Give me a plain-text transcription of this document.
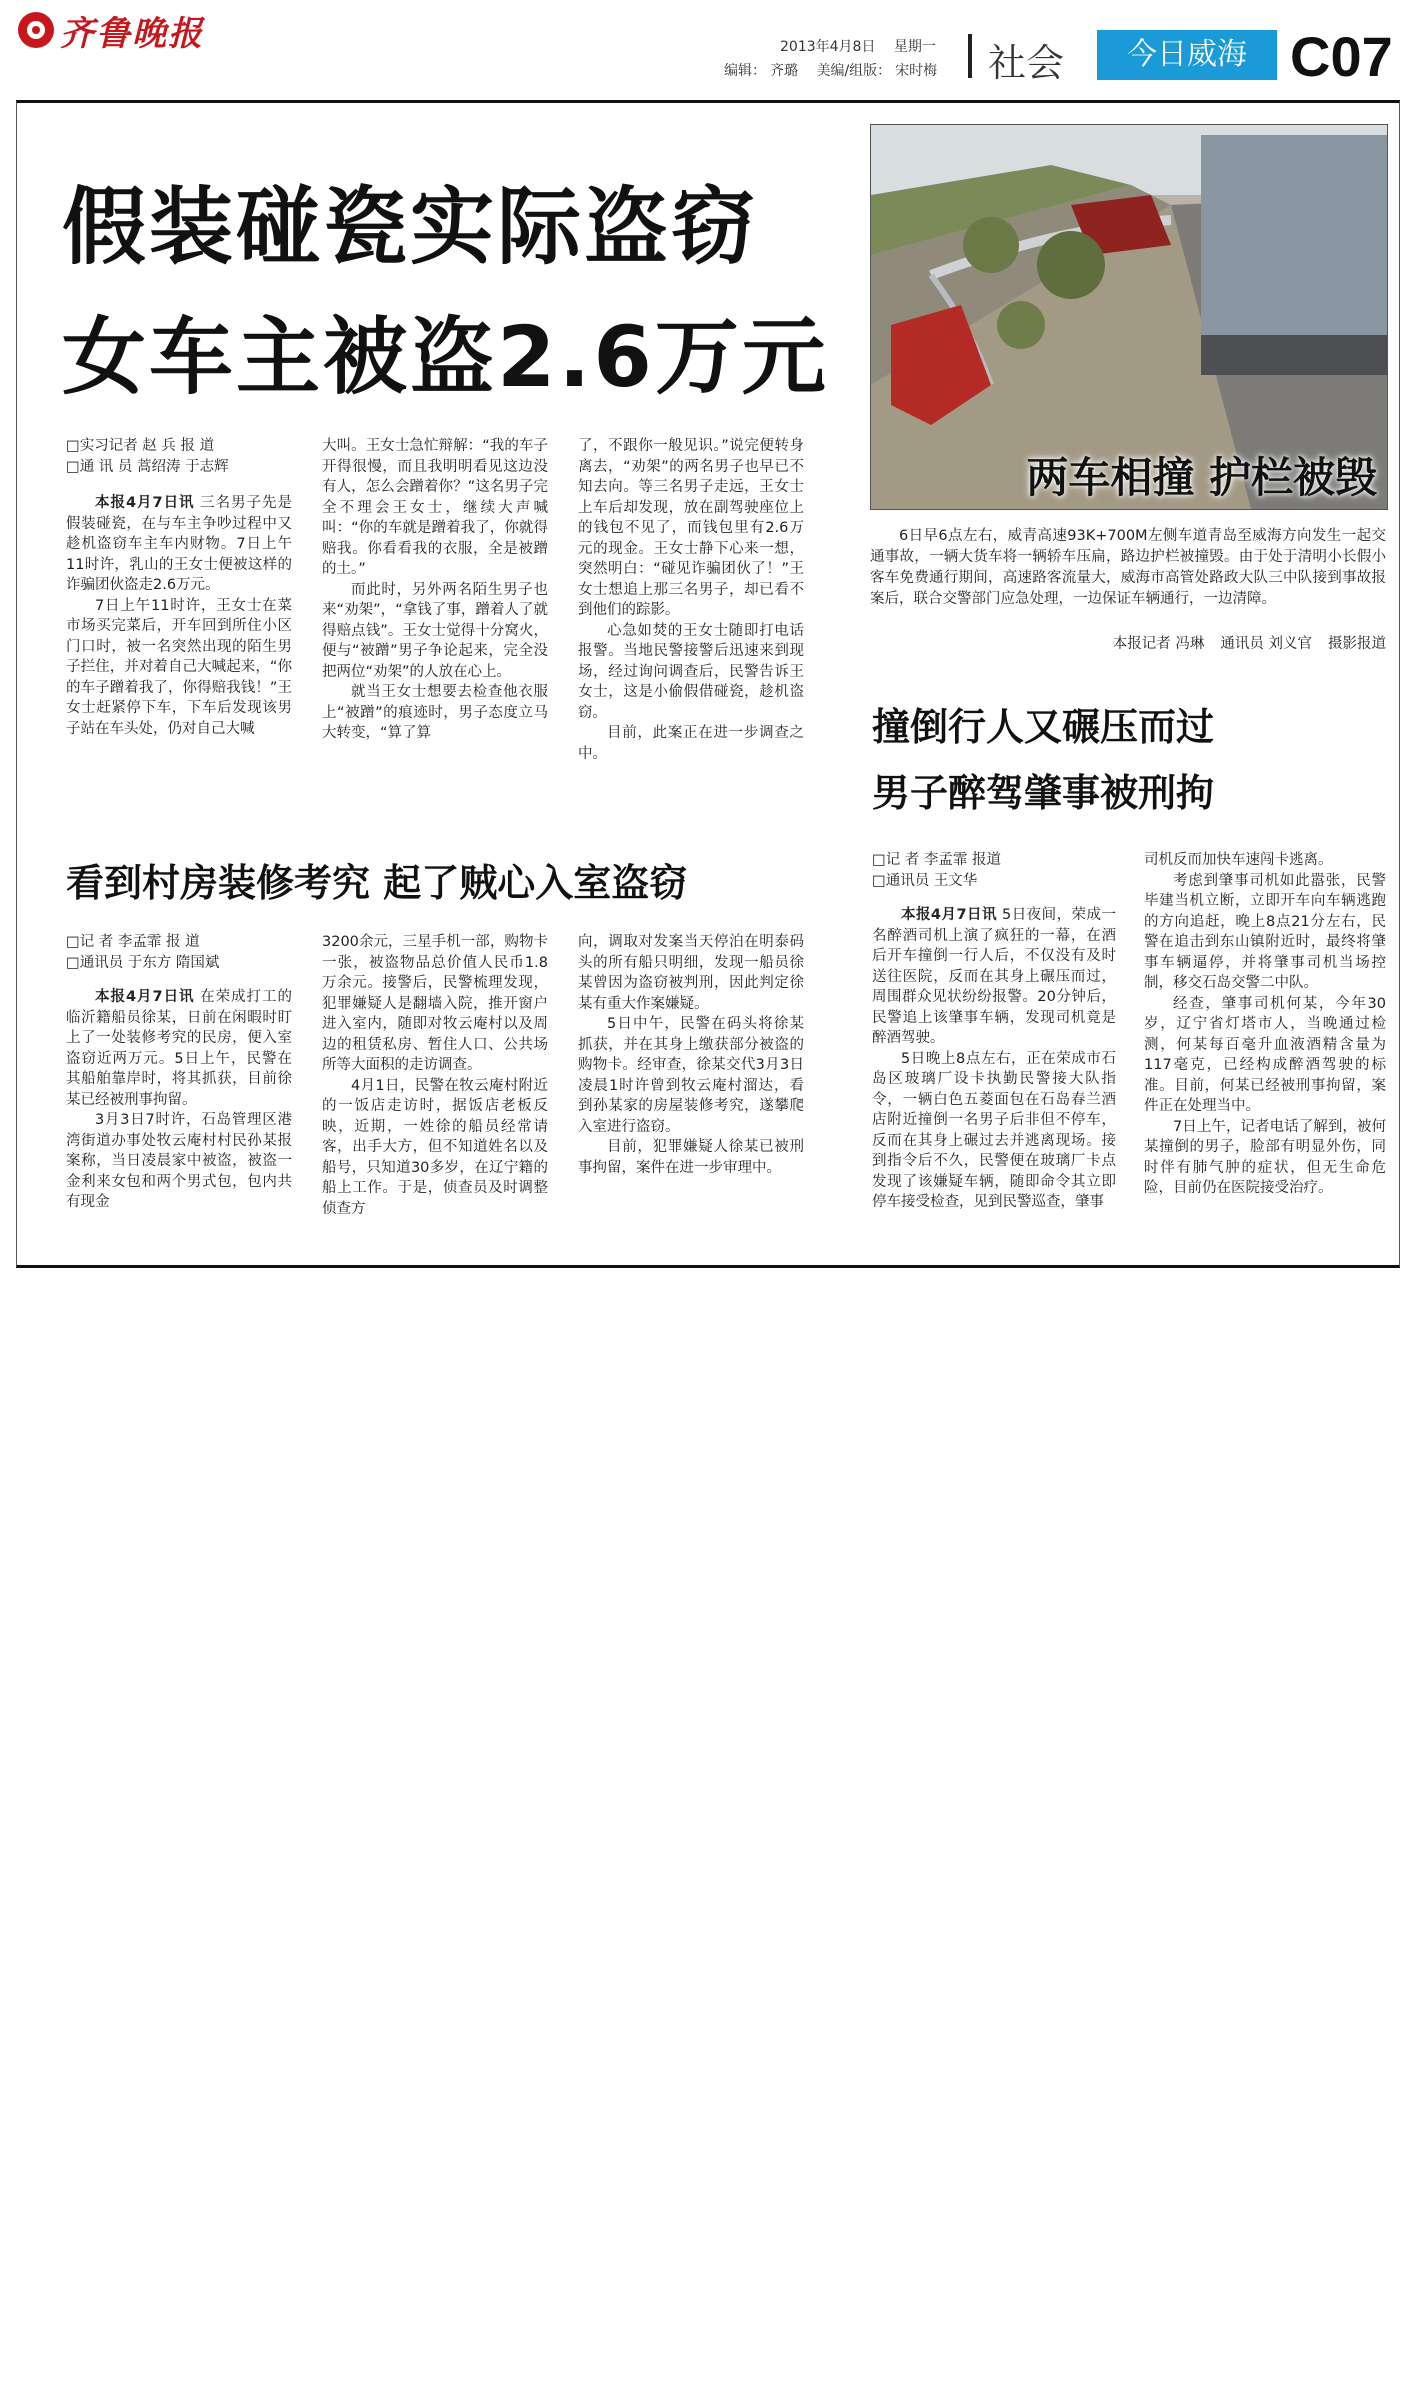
齐鲁晚报	2013年4月8日 星期一
编辑： 齐璐 美编/组版： 宋时梅 社会	今日威海 C07
假装碰瓷实际盗窃
女车主被盗2.6万元
□实习记者 赵 兵 报 道
□通 讯 员 蒿绍涛 于志辉

本报4月7日讯 三名男子先是假装碰瓷，在与车主争吵过程中又趁机盗窃车主车内财物。7日上午11时许，乳山的王女士便被这样的诈骗团伙盗走2.6万元。

7日上午11时许，王女士在菜市场买完菜后，开车回到所住小区门口时，被一名突然出现的陌生男子拦住，并对着自己大喊起来，“你的车子蹭着我了，你得赔我钱！”王女士赶紧停下车，下车后发现该男子站在车头处，仍对自己大喊

大叫。王女士急忙辩解：“我的车子开得很慢，而且我明明看见这边没有人，怎么会蹭着你？”这名男子完全不理会王女士，继续大声喊叫：“你的车就是蹭着我了，你就得赔我。你看看我的衣服，全是被蹭的土。”

而此时，另外两名陌生男子也来“劝架”，“拿钱了事，蹭着人了就得赔点钱”。王女士觉得十分窝火，便与“被蹭”男子争论起来，完全没把两位“劝架”的人放在心上。

就当王女士想要去检查他衣服上“被蹭”的痕迹时，男子态度立马大转变，“算了算

了，不跟你一般见识。”说完便转身离去，“劝架”的两名男子也早已不知去向。等三名男子走远，王女士上车后却发现，放在副驾驶座位上的钱包不见了，而钱包里有2.6万元的现金。王女士静下心来一想，突然明白：“碰见诈骗团伙了！”王女士想追上那三名男子，却已看不到他们的踪影。

心急如焚的王女士随即打电话报警。当地民警接警后迅速来到现场，经过询问调查后，民警告诉王女士，这是小偷假借碰瓷，趁机盗窃。

目前，此案正在进一步调查之中。

两车相撞 护栏被毁

6日早6点左右，威青高速93K+700M左侧车道青岛至威海方向发生一起交通事故，一辆大货车将一辆轿车压扁，路边护栏被撞毁。由于处于清明小长假小客车免费通行期间，高速路客流量大，威海市高管处路政大队三中队接到事故报案后，联合交警部门应急处理，一边保证车辆通行，一边清障。

本报记者 冯琳 通讯员 刘义官 摄影报道
看到村房装修考究 起了贼心入室盗窃
□记 者 李孟霏 报 道
□通讯员 于东方 隋国斌

本报4月7日讯 在荣成打工的临沂籍船员徐某，日前在闲暇时盯上了一处装修考究的民房，便入室盗窃近两万元。5日上午，民警在其船舶靠岸时，将其抓获，目前徐某已经被刑事拘留。

3月3日7时许，石岛管理区港湾街道办事处牧云庵村村民孙某报案称，当日凌晨家中被盗，被盗一金利来女包和两个男式包，包内共有现金

3200余元，三星手机一部，购物卡一张，被盗物品总价值人民币1.8万余元。接警后，民警梳理发现，犯罪嫌疑人是翻墙入院，推开窗户进入室内，随即对牧云庵村以及周边的租赁私房、暂住人口、公共场所等大面积的走访调查。

4月1日，民警在牧云庵村附近的一饭店走访时，据饭店老板反映，近期，一姓徐的船员经常请客，出手大方，但不知道姓名以及船号，只知道30多岁，在辽宁籍的船上工作。于是，侦查员及时调整侦查方

向，调取对发案当天停泊在明泰码头的所有船只明细，发现一船员徐某曾因为盗窃被判刑，因此判定徐某有重大作案嫌疑。

5日中午，民警在码头将徐某抓获，并在其身上缴获部分被盗的购物卡。经审查，徐某交代3月3日凌晨1时许曾到牧云庵村溜达，看到孙某家的房屋装修考究，遂攀爬入室进行盗窃。

目前，犯罪嫌疑人徐某已被刑事拘留，案件在进一步审理中。

撞倒行人又碾压而过
男子醉驾肇事被刑拘
□记 者 李孟霏 报道
□通讯员 王文华

本报4月7日讯 5日夜间，荣成一名醉酒司机上演了疯狂的一幕，在酒后开车撞倒一行人后，不仅没有及时送往医院，反而在其身上碾压而过，周围群众见状纷纷报警。20分钟后，民警追上该肇事车辆，发现司机竟是醉酒驾驶。

5日晚上8点左右，正在荣成市石岛区玻璃厂设卡执勤民警接大队指令，一辆白色五菱面包在石岛春兰酒店附近撞倒一名男子后非但不停车，反而在其身上碾过去并逃离现场。接到指令后不久，民警便在玻璃厂卡点发现了该嫌疑车辆，随即命令其立即停车接受检查，见到民警巡查，肇事

司机反而加快车速闯卡逃离。

考虑到肇事司机如此嚣张，民警毕建当机立断，立即开车向车辆逃跑的方向追赶，晚上8点21分左右，民警在追击到东山镇附近时，最终将肇事车辆逼停，并将肇事司机当场控制，移交石岛交警二中队。

经查，肇事司机何某，今年30岁，辽宁省灯塔市人，当晚通过检测，何某每百毫升血液酒精含量为117毫克，已经构成醉酒驾驶的标准。目前，何某已经被刑事拘留，案件正在处理当中。

7日上午，记者电话了解到，被何某撞倒的男子，脸部有明显外伤，同时伴有肺气肿的症状，但无生命危险，目前仍在医院接受治疗。
